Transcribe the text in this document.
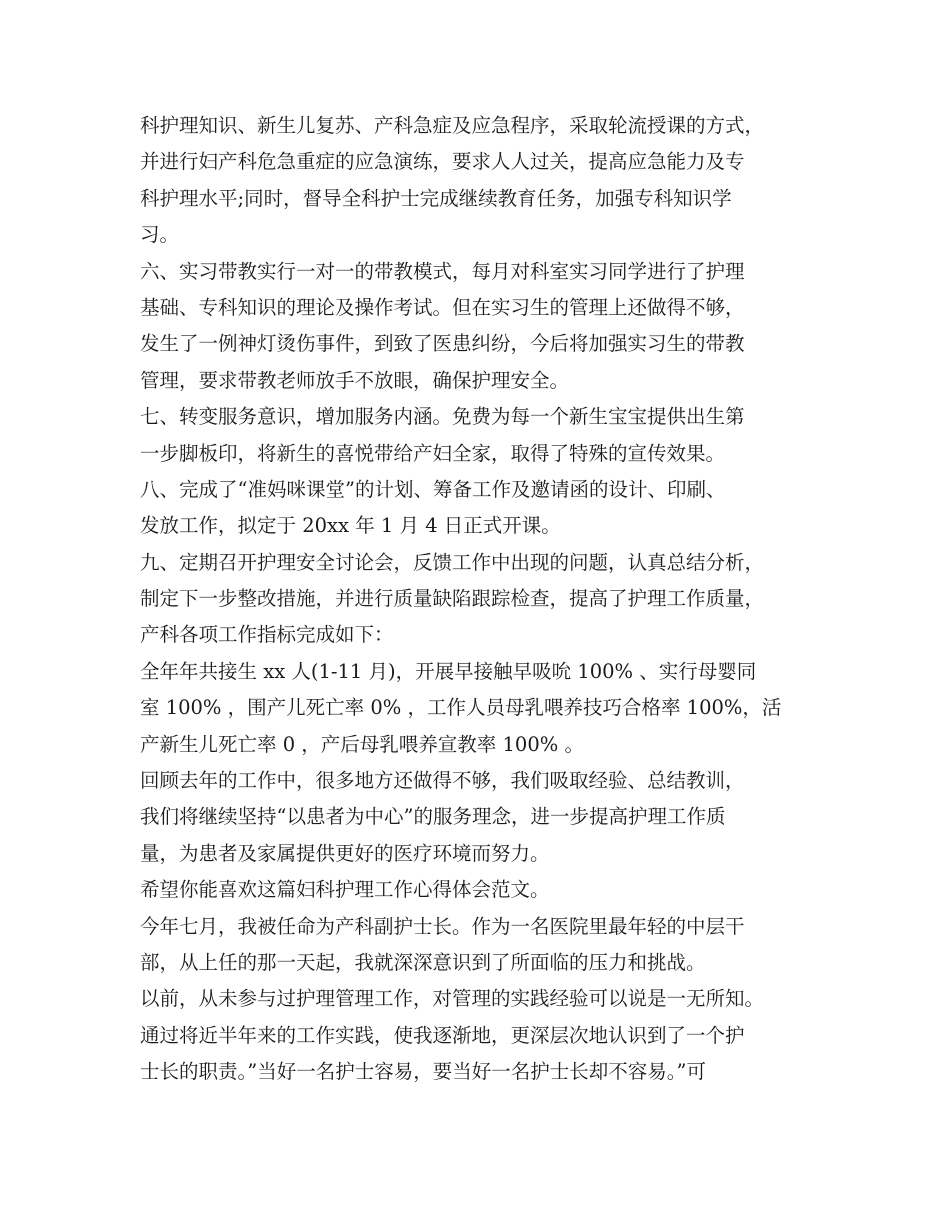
科护理知识、新生儿复苏、产科急症及应急程序，采取轮流授课的方式，
并进行妇产科危急重症的应急演练，要求人人过关，提高应急能力及专
科护理水平;同时，督导全科护士完成继续教育任务，加强专科知识学
习。
六、实习带教实行一对一的带教模式，每月对科室实习同学进行了护理
基础、专科知识的理论及操作考试。但在实习生的管理上还做得不够，
发生了一例神灯烫伤事件，到致了医患纠纷，今后将加强实习生的带教
管理，要求带教老师放手不放眼，确保护理安全。
七、转变服务意识，增加服务内涵。免费为每一个新生宝宝提供出生第
一步脚板印，将新生的喜悦带给产妇全家，取得了特殊的宣传效果。
八、完成了“准妈咪课堂”的计划、筹备工作及邀请函的设计、印刷、
发放工作，拟定于 20xx 年 1 月 4 日正式开课。
九、定期召开护理安全讨论会，反馈工作中出现的问题，认真总结分析，
制定下一步整改措施，并进行质量缺陷跟踪检查，提高了护理工作质量，
产科各项工作指标完成如下：
全年年共接生 xx 人(1-11 月)，开展早接触早吸吮 100% 、实行母婴同
室 100% ，围产儿死亡率 0% ，工作人员母乳喂养技巧合格率 100%，活
产新生儿死亡率 0 ，产后母乳喂养宣教率 100% 。
回顾去年的工作中，很多地方还做得不够，我们吸取经验、总结教训，
我们将继续坚持“以患者为中心”的服务理念，进一步提高护理工作质
量，为患者及家属提供更好的医疗环境而努力。
希望你能喜欢这篇妇科护理工作心得体会范文。
今年七月，我被任命为产科副护士长。作为一名医院里最年轻的中层干
部，从上任的那一天起，我就深深意识到了所面临的压力和挑战。
以前，从未参与过护理管理工作，对管理的实践经验可以说是一无所知。
通过将近半年来的工作实践，使我逐渐地，更深层次地认识到了一个护
士长的职责。”当好一名护士容易，要当好一名护士长却不容易。”可
